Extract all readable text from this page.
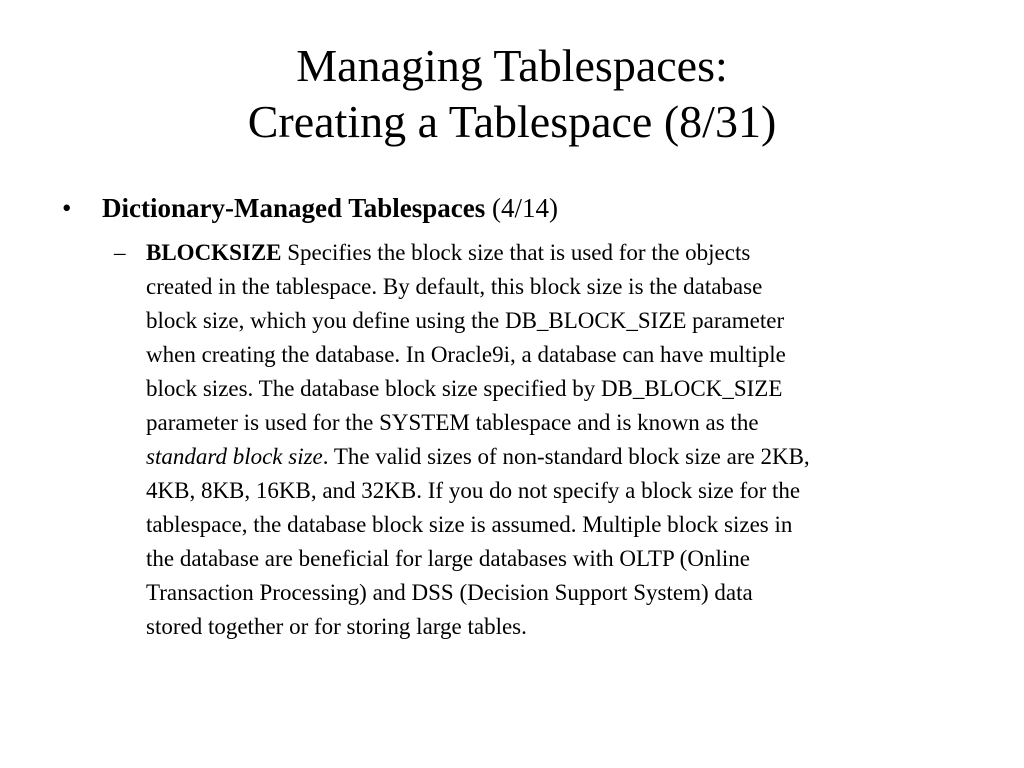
Managing Tablespaces:
Creating a Tablespace (8/31)
• Dictionary-Managed Tablespaces (4/14)
– BLOCKSIZE Specifies the block size that is used for the objects
created in the tablespace. By default, this block size is the database
block size, which you define using the DB_BLOCK_SIZE parameter
when creating the database. In Oracle9i, a database can have multiple
block sizes. The database block size specified by DB_BLOCK_SIZE
parameter is used for the SYSTEM tablespace and is known as the
standard block size. The valid sizes of non-standard block size are 2KB,
4KB, 8KB, 16KB, and 32KB. If you do not specify a block size for the
tablespace, the database block size is assumed. Multiple block sizes in
the database are beneficial for large databases with OLTP (Online
Transaction Processing) and DSS (Decision Support System) data
stored together or for storing large tables.
